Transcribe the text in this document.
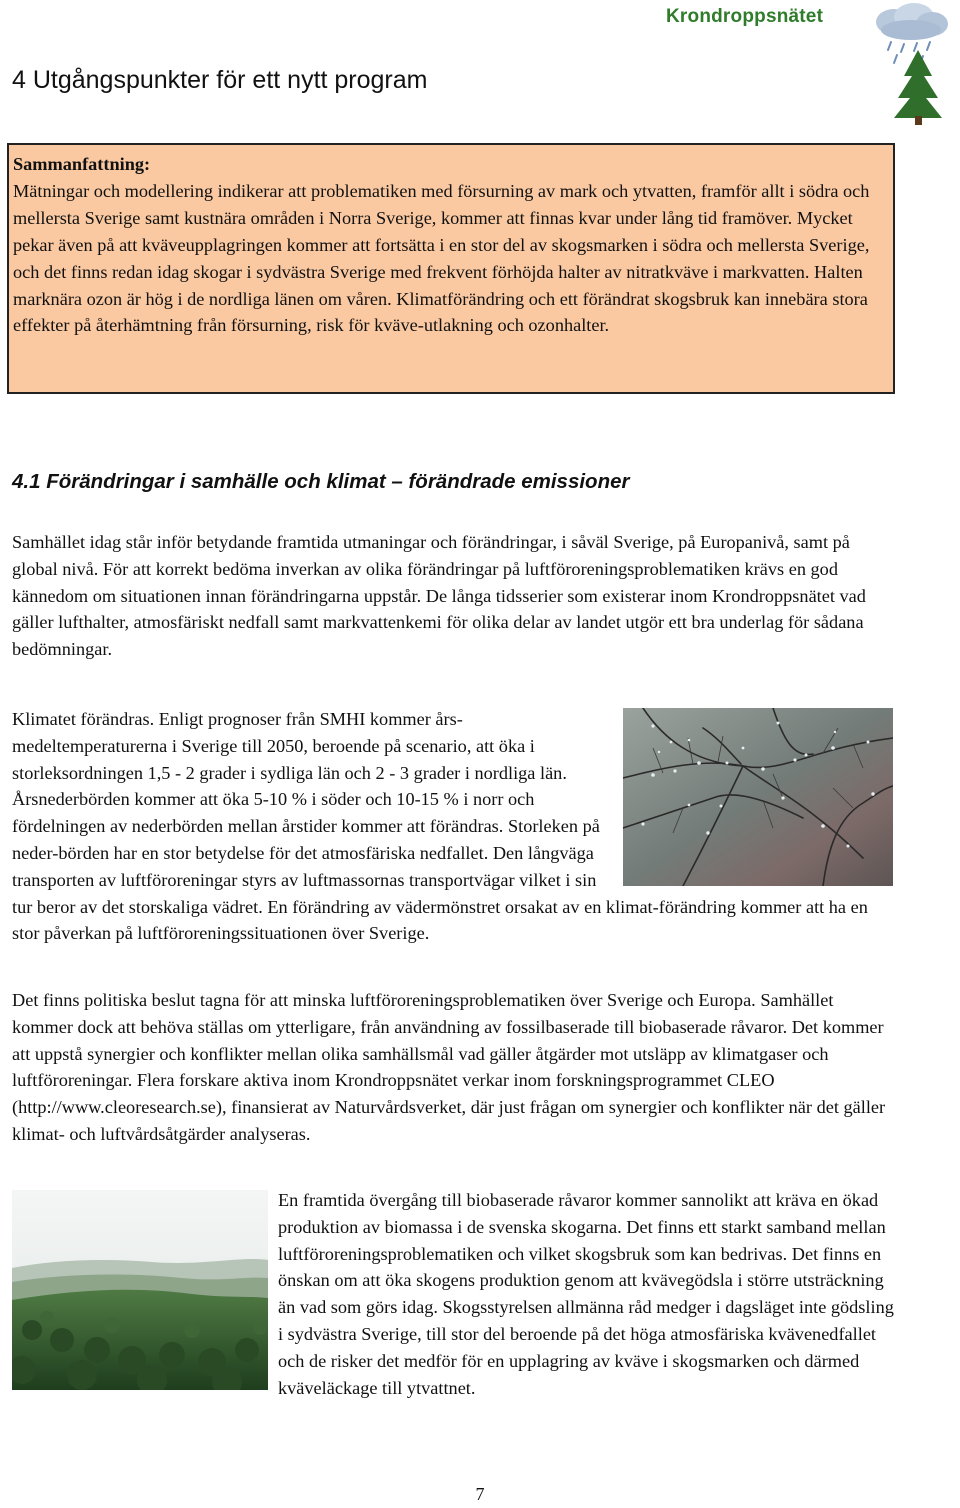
Krondroppsnätet
4 Utgångspunkter för ett nytt program

Sammanfattning:

Mätningar och modellering indikerar att problematiken med försurning av mark och ytvatten, framför allt i södra och mellersta Sverige samt kustnära områden i Norra Sverige, kommer att finnas kvar under lång tid framöver. Mycket pekar även på att kväveupplagringen kommer att fortsätta i en stor del av skogsmarken i södra och mellersta Sverige, och det finns redan idag skogar i sydvästra Sverige med frekvent förhöjda halter av nitratkväve i markvatten. Halten marknära ozon är hög i de nordliga länen om våren. Klimatförändring och ett förändrat skogsbruk kan innebära stora effekter på återhämtning från försurning, risk för kväve-utlakning och ozonhalter.

4.1 Förändringar i samhälle och klimat – förändrade emissioner

Samhället idag står inför betydande framtida utmaningar och förändringar, i såväl Sverige, på Europanivå, samt på global nivå. För att korrekt bedöma inverkan av olika förändringar på luftföroreningsproblematiken krävs en god kännedom om situationen innan förändringarna uppstår. De långa tidsserier som existerar inom Krondroppsnätet vad gäller lufthalter, atmosfäriskt nedfall samt markvattenkemi för olika delar av landet utgör ett bra underlag för sådana bedömningar.

Klimatet förändras. Enligt prognoser från SMHI kommer års-medeltemperaturerna i Sverige till 2050, beroende på scenario, att öka i storleksordningen 1,5 - 2 grader i sydliga län och 2 - 3 grader i nordliga län. Årsnederbörden kommer att öka 5-10 % i söder och 10-15 % i norr och fördelningen av nederbörden mellan årstider kommer att förändras. Storleken på neder-börden har en stor betydelse för det atmosfäriska nedfallet. Den långväga transporten av luftföroreningar styrs av luftmassornas transportvägar vilket i sin tur beror av det storskaliga vädret. En förändring av vädermönstret orsakat av en klimat-förändring kommer att ha en stor påverkan på luftföroreningssituationen över Sverige.

Det finns politiska beslut tagna för att minska luftföroreningsproblematiken över Sverige och Europa. Samhället kommer dock att behöva ställas om ytterligare, från användning av fossilbaserade till biobaserade råvaror. Det kommer att uppstå synergier och konflikter mellan olika samhällsmål vad gäller åtgärder mot utsläpp av klimatgaser och luftföroreningar. Flera forskare aktiva inom Krondroppsnätet verkar inom forskningsprogrammet CLEO (http://www.cleoresearch.se), finansierat av Naturvårdsverket, där just frågan om synergier och konflikter när det gäller klimat- och luftvårdsåtgärder analyseras.

En framtida övergång till biobaserade råvaror kommer sannolikt att kräva en ökad produktion av biomassa i de svenska skogarna. Det finns ett starkt samband mellan luftföroreningsproblematiken och vilket skogsbruk som kan bedrivas. Det finns en önskan om att öka skogens produktion genom att kvävegödsla i större utsträckning än vad som görs idag. Skogsstyrelsen allmänna råd medger i dagsläget inte gödsling i sydvästra Sverige, till stor del beroende på det höga atmosfäriska kvävenedfallet och de risker det medför för en upplagring av kväve i skogsmarken och därmed kväveläckage till ytvattnet.
7
